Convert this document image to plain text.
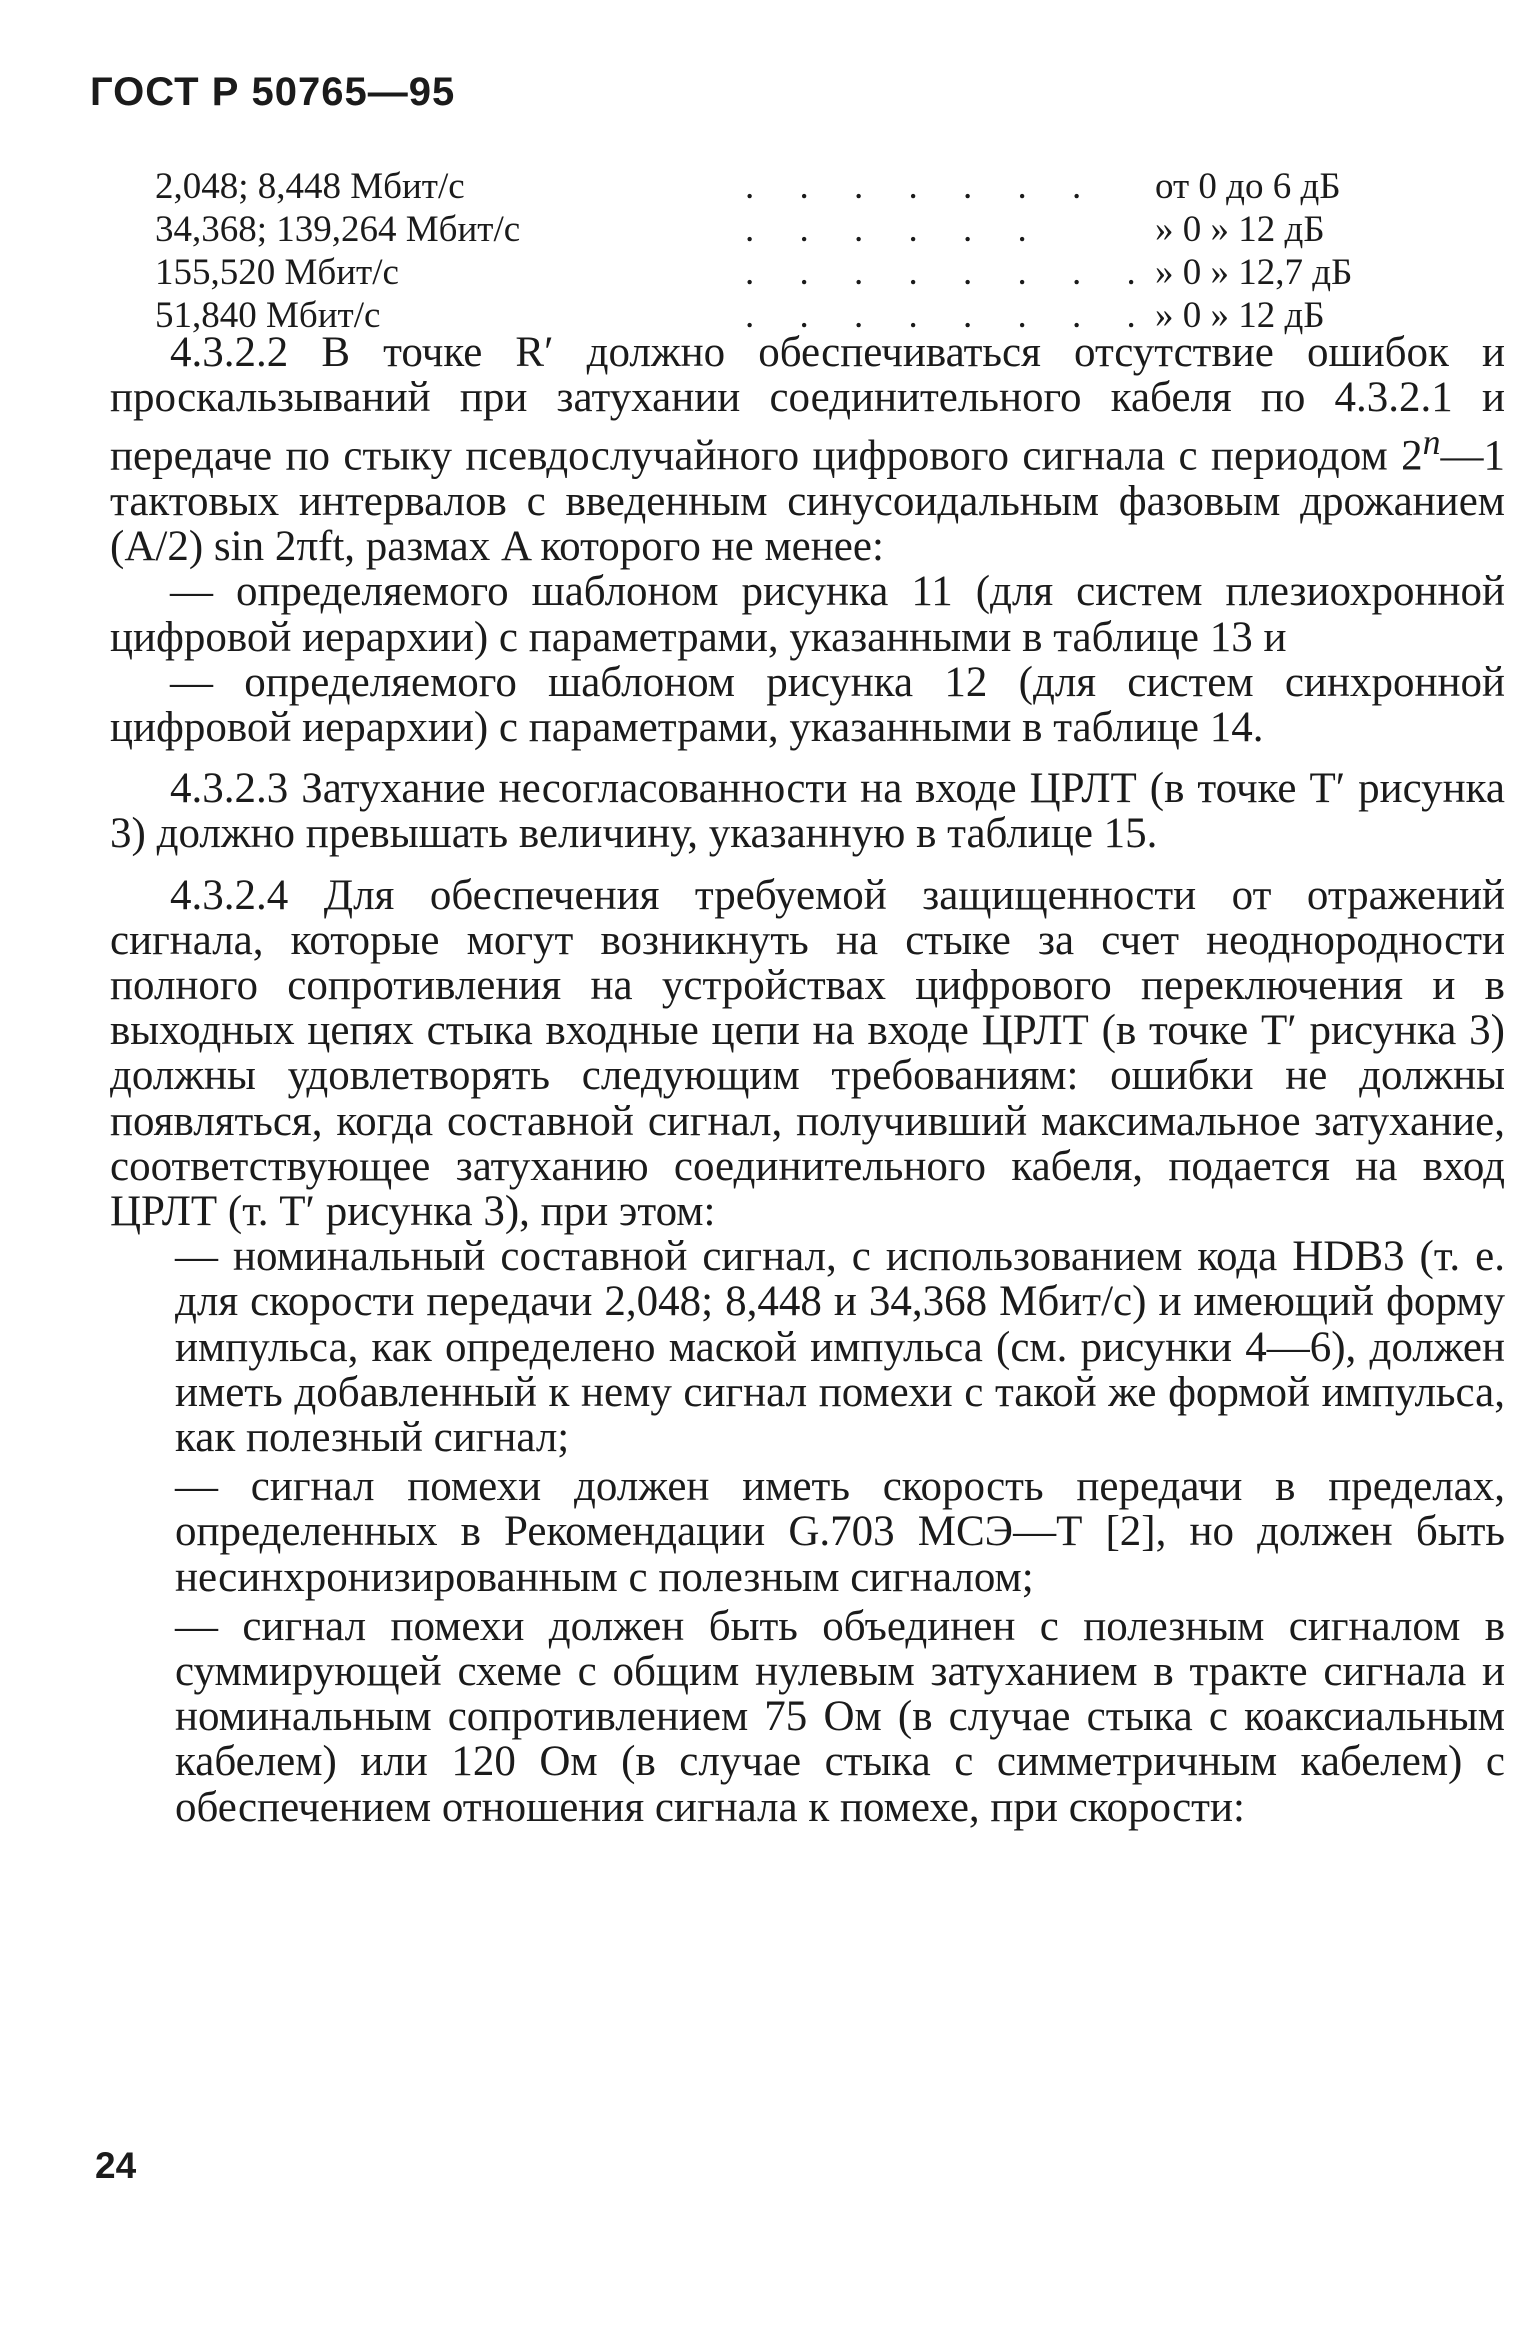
ГОСТ Р 50765—95
2,048; 8,448 Мбит/с	. . . . . . . от 0 до 6 дБ
34,368; 139,264 Мбит/с	. . . . . .	» 0 » 12 дБ
155,520 Мбит/с	. . . . . . . . » 0 » 12,7 дБ
51,840 Мбит/с	. . . . . . . . » 0 » 12 дБ

4.3.2.2 В точке R′ должно обеспечиваться отсутствие ошибок и проскальзываний при затухании соединительного кабеля по 4.3.2.1 и передаче по стыку псевдослучайного цифрового сигнала с периодом 2$^n$—1 тактовых интервалов с введенным синусоидальным фазовым дрожанием (A/2) sin 2πft, размах A которого не менее:

— определяемого шаблоном рисунка 11 (для систем плезиохронной цифровой иерархии) с параметрами, указанными в таблице 13 и

— определяемого шаблоном рисунка 12 (для систем синхронной цифровой иерархии) с параметрами, указанными в таблице 14.

4.3.2.3 Затухание несогласованности на входе ЦРЛТ (в точке T′ рисунка 3) должно превышать величину, указанную в таблице 15.

4.3.2.4 Для обеспечения требуемой защищенности от отражений сигнала, которые могут возникнуть на стыке за счет неоднородности полного сопротивления на устройствах цифрового переключения и в выходных цепях стыка входные цепи на входе ЦРЛТ (в точке T′ рисунка 3) должны удовлетворять следующим требованиям: ошибки не должны появляться, когда составной сигнал, получивший максимальное затухание, соответствующее затуханию соединительного кабеля, подается на вход ЦРЛТ (т. T′ рисунка 3), при этом:

— номинальный составной сигнал, с использованием кода HDB3 (т. е. для скорости передачи 2,048; 8,448 и 34,368 Мбит/с) и имеющий форму импульса, как определено маской импульса (см. рисунки 4—6), должен иметь добавленный к нему сигнал помехи с такой же формой импульса, как полезный сигнал;

— сигнал помехи должен иметь скорость передачи в пределах, определенных в Рекомендации G.703 МСЭ—Т [2], но должен быть несинхронизированным с полезным сигналом;

— сигнал помехи должен быть объединен с полезным сигналом в суммирующей схеме с общим нулевым затуханием в тракте сигнала и номинальным сопротивлением 75 Ом (в случае стыка с коаксиальным кабелем) или 120 Ом (в случае стыка с симметричным кабелем) с обеспечением отношения сигнала к помехе, при скорости:

24
